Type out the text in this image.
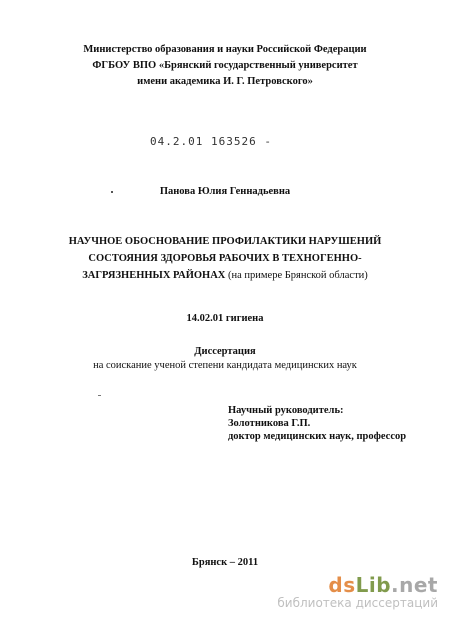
Министерство образования и науки Российской Федерации
ФГБОУ ВПО «Брянский государственный университет
имени академика И. Г. Петровского»
04.2.01 163526 -
Панова Юлия Геннадьевна
НАУЧНОЕ ОБОСНОВАНИЕ ПРОФИЛАКТИКИ НАРУШЕНИЙ
СОСТОЯНИЯ ЗДОРОВЬЯ РАБОЧИХ В ТЕХНОГЕННО-
ЗАГРЯЗНЕННЫХ РАЙОНАХ (на примере Брянской области)
14.02.01 гигиена
Диссертация
на соискание ученой степени кандидата медицинских наук
Научный руководитель:
Золотникова Г.П.
доктор медицинских наук, профессор
Брянск – 2011
dsLib.net
библиотека диссертаций
